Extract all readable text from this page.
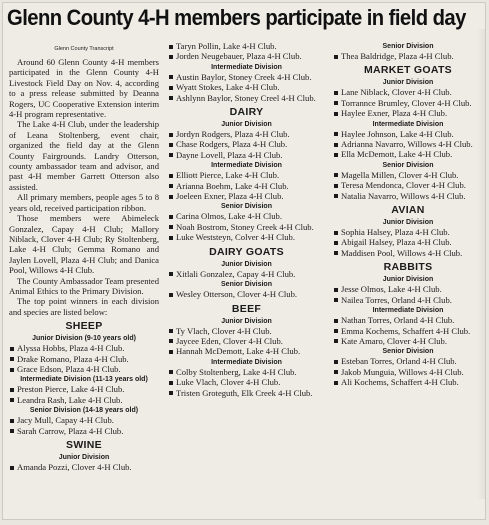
Glenn County 4-H members participate in field day
Glenn County Transcript

Around 60 Glenn County 4-H members participated in the Glenn County 4-H Livestock Field Day on Nov. 4, according to a press release submitted by Deanna Rogers, UC Cooperative Extension interim 4-H program representative.

The Lake 4-H Club, under the leadership of Leana Stoltenberg, event chair, organized the field day at the Glenn County Fairgrounds. Landry Otterson, county ambassador team and advisor, and past 4-H member Garrett Otterson also assisted.

All primary members, people ages 5 to 8 years old, received participation ribbon.

Those members were Abimeleck Gonzalez, Capay 4-H Club; Mallory Niblack, Clover 4-H Club; Ry Stoltenberg, Lake 4-H Club; Gemma Romano and Jaylen Lovell, Plaza 4-H Club; and Danica Pool, Willows 4-H Club.

The County Ambassador Team presented Animal Ethics to the Primary Division.

The top point winners in each division and species are listed below:

SHEEP
Junior Division (9-10 years old)

Alyssa Hobbs, Plaza 4-H Club.

Drake Romano, Plaza 4-H Club.

Grace Edson, Plaza 4-H Club.

Intermediate Division (11-13 years old)

Preston Pierce, Lake 4-H Club.

Leandra Rash, Lake 4-H Club.

Senior Division (14-18 years old)

Jacy Mull, Capay 4-H Club.

Sarah Carrow, Plaza 4-H Club.

SWINE
Junior Division

Amanda Pozzi, Clover 4-H Club.

Taryn Pollin, Lake 4-H Club.

Jorden Neugebauer, Plaza 4-H Club.

Intermediate Division

Austin Baylor, Stoney Creek 4-H Club.

Wyatt Stokes, Lake 4-H Club.

Ashlynn Baylor, Stoney Creel 4-H Club.

DAIRY
Junior Division

Jordyn Rodgers, Plaza 4-H Club.

Chase Rodgers, Plaza 4-H Club.

Dayne Lovell, Plaza 4-H Club.

Intermediate Division

Elliott Pierce, Lake 4-H Club.

Arianna Boehm, Lake 4-H Club.

Joeleen Exner, Plaza 4-H Club.

Senior Division

Carina Olmos, Lake 4-H Club.

Noah Bostrom, Stoney Creek 4-H Club.

Luke Weststeyn, Colver 4-H Club.

DAIRY GOATS
Junior Division

Xitlali Gonzalez, Capay 4-H Club.

Senior Division

Wesley Otterson, Clover 4-H Club.

BEEF
Junior Division

Ty Vlach, Clover 4-H Club.

Jaycee Eden, Clover 4-H Club.

Hannah McDemott, Lake 4-H Club.

Intermediate Division

Colby Stoltenberg, Lake 4-H Club.

Luke Vlach, Clover 4-H Club.

Tristen Groteguth, Elk Creek 4-H Club.

Senior Division

Thea Baldridge, Plaza 4-H Club.

MARKET GOATS
Junior Division

Lane Niblack, Clover 4-H Club.

Torrannce Brumley, Clover 4-H Club.

Haylee Exner, Plaza 4-H Club.

Intermediate Division

Haylee Johnson, Lake 4-H Club.

Adrianna Navarro, Willows 4-H Club.

Ella McDemott, Lake 4-H Club.

Senior Division

Magella Millen, Clover 4-H Club.

Teresa Mendonca, Clover 4-H Club.

Natalia Navarro, Willows 4-H Club.

AVIAN
Junior Division

Sophia Halsey, Plaza 4-H Club.

Abigail Halsey, Plaza 4-H Club.

Maddisen Pool, Willows 4-H Club.

RABBITS
Junior Division

Jesse Olmos, Lake 4-H Club.

Nailea Torres, Orland 4-H Club.

Intermediate Division

Nathan Torres, Orland 4-H Club.

Emma Kochems, Schaffert 4-H Club.

Kate Amaro, Clover 4-H Club.

Senior Division

Esteban Torres, Orland 4-H Club.

Jakob Munguia, Willows 4-H Club.

Ali Kochems, Schaffert 4-H Club.
